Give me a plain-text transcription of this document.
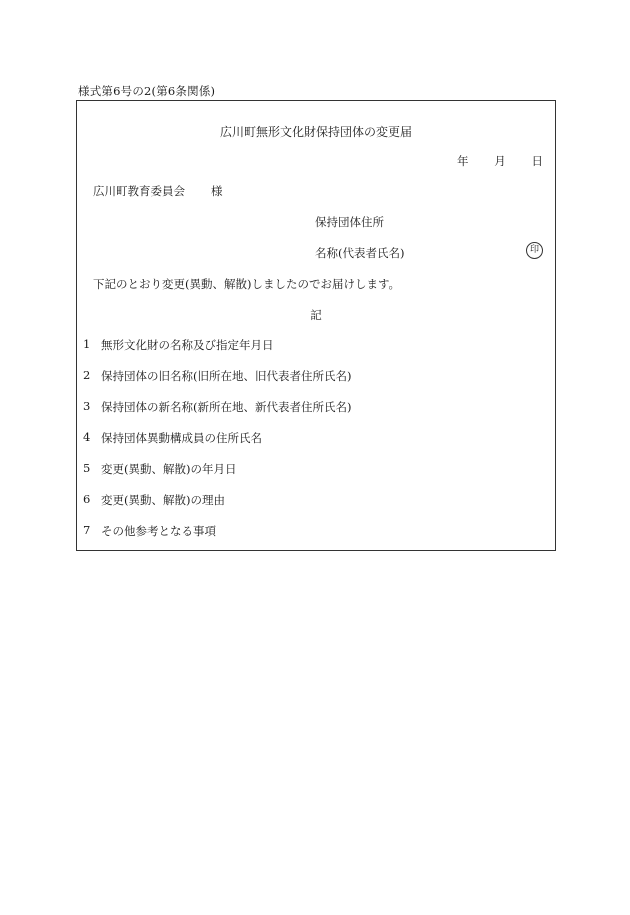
様式第6号の2(第6条関係)
広川町無形文化財保持団体の変更届
年 月 日
広川町教育委員会 様
保持団体住所
名称(代表者氏名)	印
下記のとおり変更(異動、解散)しましたのでお届けします。
記
1 無形文化財の名称及び指定年月日
2 保持団体の旧名称(旧所在地、旧代表者住所氏名)
3 保持団体の新名称(新所在地、新代表者住所氏名)
4 保持団体異動構成員の住所氏名
5 変更(異動、解散)の年月日
6 変更(異動、解散)の理由
7 その他参考となる事項
